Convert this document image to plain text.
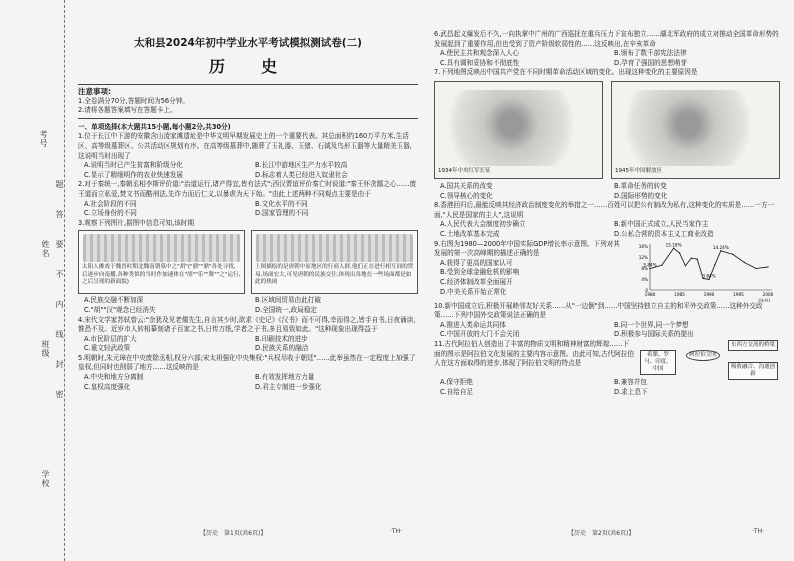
考号
姓名
班级
学校
题
答
要
不
内
线
封
密
太和县2024年初中学业水平考试模拟测试卷(二)
历　史
注意事项:

1.全卷满分70分,答题时间为56分钟。

2.请将各题答案填写在答题卡上。

一、单项选择(本大题共15小题,每小题2分,共30分)

1.位于长江中下游的安徽含山凌家滩遗址是中华文明早期发展史上的一个重要代表。其总面积约160万平方米,生活区、高等级墓葬区、公共活动区规划有序。在高等级墓葬中,随葬了玉礼器、玉猪、石钺及鸟形玉器等大量精美玉器,这说明当时出现了

A.说明当时已产生贫富和阶级分化	B.长江中游地区生产力水平较高
C.显示了精细明作的农业快速发展	D.标志着人类已经进入奴隶社会

2.对于秦统一,秦朝丞相李斯评价道:"治道运行,诸产得宜,皆有法式";西汉贾谊评价秦亡时说道:"秦王怀贪鄙之心……废王道而立私爱,焚文书而酷刑法,先诈力而后仁义,以暴虐为天下始。"由此上述两种不同观点主要是由于

A.社会阶段的不同	B.文化水平的不同
C.立场身份的不同	D.国家管理的不同

3.观察下列图片,据图中信息可知,该时期

太阳人傩戏于魏晋时期北魏南朝墓中之"胡"("鼎""鼎"各处寻找,后逐步向南播,各种类似的当时作加速体在"胡""乐""舞""之"运行,之后呈现的新面貌)
上图描绘的是唐朝中原地区的行商人群,他们正在进行相互间的贸易,场面宏大,可见唐朝的民族交往,体现出各地在一些场面都是如此的热闹
A.民族交融不断加深	B.区域间贸易由此打破
C."胡""汉"观念已经消失	D.全国统一,政局稳定

4.宋代文学家苏轼曾云:"余犹及见老儒先生,自言其少时,欲求《史记》《汉书》而不可得,幸而得之,皆手自书,日夜诵读,惟恐不及。近岁市人转相摹刻诸子百家之书,日传万纸,学者之于书,多且易致如此。"这种现象出现得益于

A.市民阶层的扩大	B.印刷技术的进步
C.重文轻武政策	D.民族关系的融洽

5.明朝时,朱元璋在中央废除丞相,权分六部;宋太祖强化中央集权:"兵权尽收于朝廷"……此举虽然在一定程度上加强了皇权,但同时也削弱了地方……这反映的是

A.中央和地方分离制	B.有效发挥地方力量
C.皇权高度强化	D.君主专制进一步强化

6.武昌起义爆发后不久,一向执掌中广州的广西巡抚在重兵压力下宣布独立……湖北军政府的成立对推动全国革命形势的发展起到了重要作用,但也受到了资产阶级软弱性的……这反映出,在辛亥革命

A.使民主共和观念深入人心	B.颁布了数千部宪法法律
C.具有调和妥协和不彻底性	D.孕育了强国的思想萌芽

7.下列地图反映出中国共产党在不同时期革命活动区域的变化。出现这种变化的主要原因是

1934年中央红军长征	1945年中国解放区
A.国共关系的改变	B.革命任务的转变
C.领导核心的变化	D.国际形势的变化

8.香港回归后,最能反映其经济政治制度变化的举措之一……百姓可以把公有制改为私有,这种变化的实质是……一方一面,"人民是国家的主人",这说明

A.人民代表大会制度初步确立	B.新中国正式成立,人民当家作主
C.土地改革基本完成	D.公私合营的资本主义工商业改造

9.右图为1980—2000年中国实际GDP增长率示意图。下列对其发展的第一次高峰期的描述正确的是

A.获得了更高的国家认可
B.受到全球金融危机的影响
C.经济体制改革全面展开
D.中美关系开始正常化
16%
12%
8%
4%
0
1980	1985	1990	1995	2000
(年份)
15.18%
14.24%
3.84%
5.84%

10.新中国成立后,积极开展睦邻友好关系……从"一边倒"到……中国坚持独立自主的和平外交政策……这种外交政策……下列中国外交政策说法正确的是

A.推进人类命运共同体	B.同一个世界,同一个梦想
C.中国开放的大门不会关闭	D.积极参与国际关系的提出

11.古代阿拉伯人创造出了丰富的物质文明和精神财富的辉煌……下面的图示是阿拉伯文化发展的主要内容示意图。由此可知,古代阿拉伯人在这方面取得的进步,体现了阿拉伯文明的特点是

希腊、罗马、印度、中国
阿拉伯文明
东西方交流的桥梁
吸收融合、沟通创新
A.保守拒绝	B.兼容并包
C.自给自足	D.求上息下
【历史　第1页(共6页)】	·TH·	【历史　第2页(共6页)】	·TH·
